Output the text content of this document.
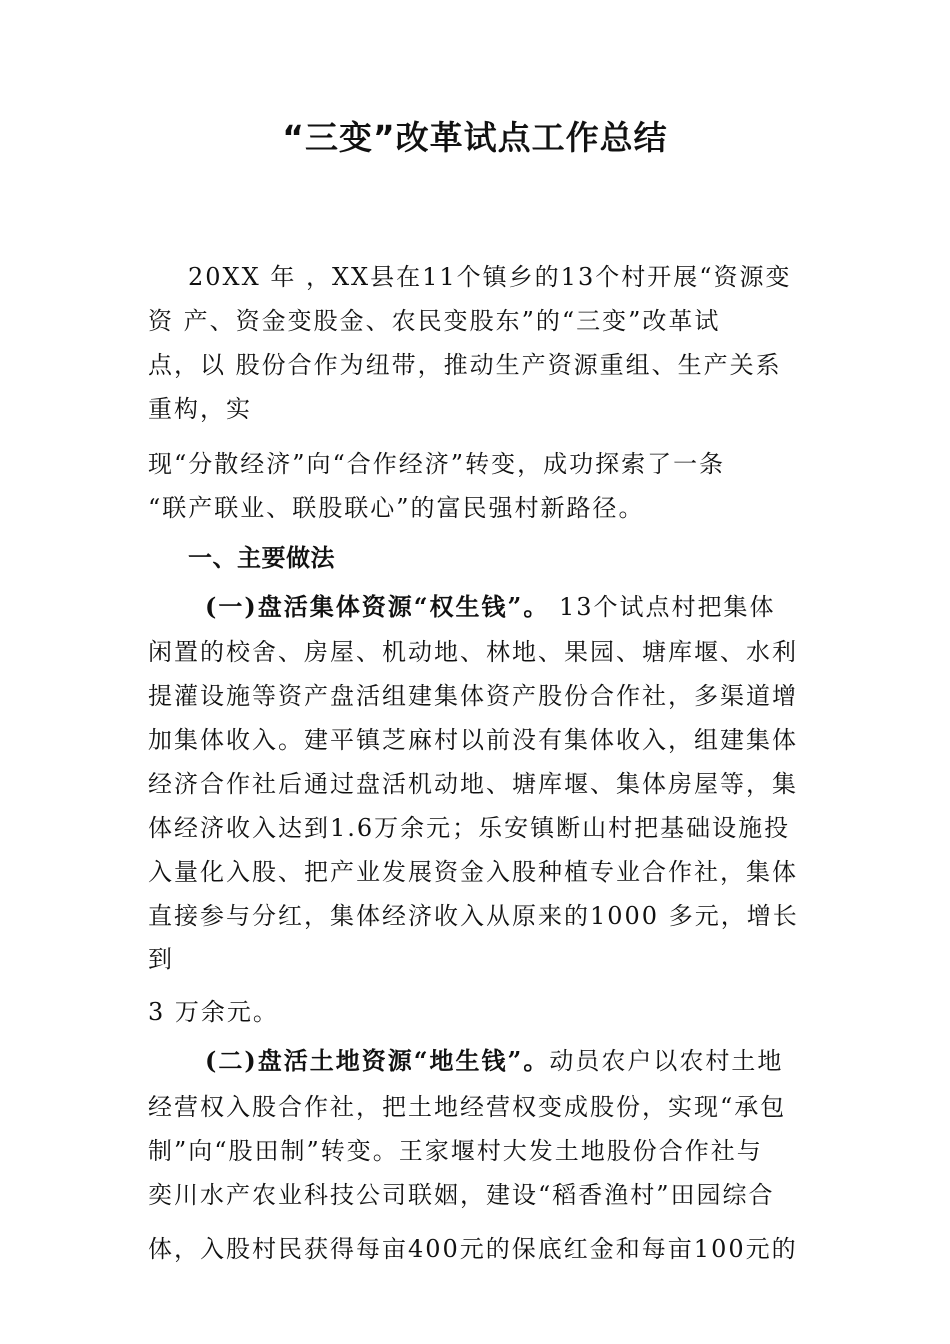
“三变”改革试点工作总结
20XX 年 ，XX县在11个镇乡的13个村开展“资源变
资 产、资金变股金、农民变股东”的“三变”改革试
点，以 股份合作为纽带，推动生产资源重组、生产关系
重构，实
现“分散经济”向“合作经济”转变，成功探索了一条
“联产联业、联股联心”的富民强村新路径。
一、主要做法
(一)盘活集体资源“权生钱”。 13个试点村把集体
闲置的校舍、房屋、机动地、林地、果园、塘库堰、水利
提灌设施等资产盘活组建集体资产股份合作社，多渠道增
加集体收入。建平镇芝麻村以前没有集体收入，组建集体
经济合作社后通过盘活机动地、塘库堰、集体房屋等，集
体经济收入达到1.6万余元；乐安镇断山村把基础设施投
入量化入股、把产业发展资金入股种植专业合作社，集体
直接参与分红，集体经济收入从原来的1000 多元，增长
到
3 万余元。
(二)盘活土地资源“地生钱”。动员农户以农村土地
经营权入股合作社，把土地经营权变成股份，实现“承包
制”向“股田制”转变。王家堰村大发土地股份合作社与
奕川水产农业科技公司联姻，建设“稻香渔村”田园综合
体，入股村民获得每亩400元的保底红金和每亩100元的
